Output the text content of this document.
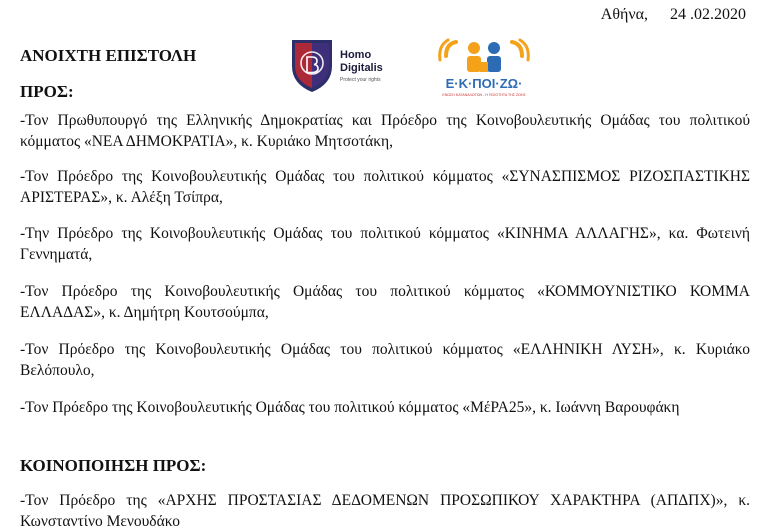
Αθήνα, 24 .02.2020
ΑΝΟΙΧΤΗ ΕΠΙΣΤΟΛΗ	Homo
Digitalis
Protect your rights	Ε·Κ·ΠΟΙ·ΖΩ·
ΕΝΩΣΗ ΚΑΤΑΝΑΛΩΤΩΝ - Η ΠΟΙΟΤΗΤΑ ΤΗΣ ΖΩΗΣ
ΠΡΟΣ:

-Τον Πρωθυπουργό της Ελληνικής Δημοκρατίας και Πρόεδρο της Κοινοβουλευτικής Ομάδας του πολιτικού κόμματος «ΝΕΑ ΔΗΜΟΚΡΑΤΙΑ», κ. Κυριάκο Μητσοτάκη,

-Τον Πρόεδρο της Κοινοβουλευτικής Ομάδας του πολιτικού κόμματος «ΣΥΝΑΣΠΙΣΜΟΣ ΡΙΖΟΣΠΑΣΤΙΚΗΣ ΑΡΙΣΤΕΡΑΣ», κ. Αλέξη Τσίπρα,

-Την Πρόεδρο της Κοινοβουλευτικής Ομάδας του πολιτικού κόμματος «ΚΙΝΗΜΑ ΑΛΛΑΓΗΣ», κα. Φωτεινή Γεννηματά,

-Τον Πρόεδρο της Κοινοβουλευτικής Ομάδας του πολιτικού κόμματος «ΚΟΜΜΟΥΝΙΣΤΙΚΟ ΚΟΜΜΑ ΕΛΛΑΔΑΣ», κ. Δημήτρη Κουτσούμπα,

-Τον Πρόεδρο της Κοινοβουλευτικής Ομάδας του πολιτικού κόμματος «ΕΛΛΗΝΙΚΗ ΛΥΣΗ», κ. Κυριάκο Βελόπουλο,

-Τον Πρόεδρο της Κοινοβουλευτικής Ομάδας του πολιτικού κόμματος «ΜέΡΑ25», κ. Ιωάννη Βαρουφάκη

ΚΟΙΝΟΠΟΙΗΣΗ ΠΡΟΣ:

-Τον Πρόεδρο της «ΑΡΧΗΣ ΠΡΟΣΤΑΣΙΑΣ ΔΕΔΟΜΕΝΩΝ ΠΡΟΣΩΠΙΚΟΥ ΧΑΡΑΚΤΗΡΑ (ΑΠΔΠΧ)», κ. Κωνσταντίνο Μενουδάκο
